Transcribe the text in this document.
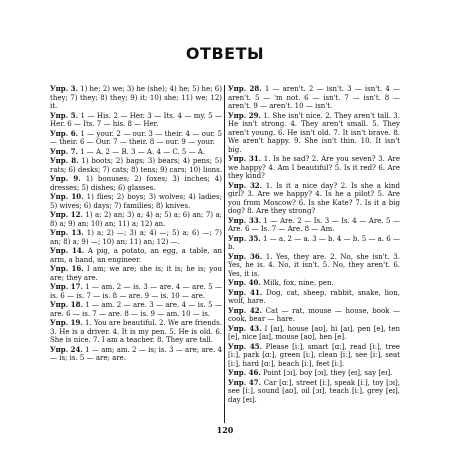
ОТВЕТЫ
Упр. 3. 1) he; 2) we; 3) he (she); 4) he; 5) he; 6) they; 7) they; 8) they; 9) it; 10) she; 11) we; 12) it.
Упр. 5. 1 — His. 2 — Her. 3 — Its. 4 — my. 5 — Her. 6 — Its. 7 — his. 8 — Her.
Упр. 6. 1 — your. 2 — our. 3 — their. 4 — our. 5 — their. 6 — Our. 7 — their. 8 — our. 9 — your.
Упр. 7. 1 — A. 2 — B. 3 — A. 4 — C. 5 — A.
Упр. 8. 1) boots; 2) bags; 3) bears; 4) pens; 5) rats; 6) desks; 7) cats; 8) tens; 9) cars; 10) lions.
Упр. 9. 1) bonuses; 2) foxes; 3) inches; 4) dresses; 5) dishes; 6) glasses.
Упр. 10. 1) flies; 2) boys; 3) wolves; 4) ladies; 5) wives; 6) days; 7) families; 8) knives.
Упр. 12. 1) a; 2) an; 3) a; 4) a; 5) a; 6) an; 7) a; 8) a; 9) an; 10) an; 11) a; 12) an.
Упр. 13. 1) a; 2) —; 3) a; 4) —; 5) a; 6) —; 7) an; 8) a; 9) —; 10) an; 11) an; 12) —.
Упр. 14. A pig, a potato, an egg, a table, an arm, a hand, an engineer.
Упр. 16. I am; we are; she is; it is; he is; you are; they are.
Упр. 17. 1 — am. 2 — is. 3 — are. 4 — are. 5 — is. 6 — is. 7 — is. 8 — are. 9 — is. 10 — are.
Упр. 18. 1 — am. 2 — are. 3 — are. 4 — is. 5 — are. 6 — is. 7 — are. 8 — is. 9 — am. 10 — is.
Упр. 19. 1. You are beautiful. 2. We are friends. 3. He is a driver. 4. It is my pen. 5. He is old. 6. She is nice. 7. I am a teacher. 8. They are tall.
Упр. 24. 1 — am; am. 2 — is; is. 3 — are; are. 4 — is; is. 5 — are; are.
Упр. 28. 1 — aren't. 2 — isn't. 3 — isn't. 4 — aren't. 5 — 'm not. 6 — isn't. 7 — isn't. 8 — aren't. 9 — aren't. 10 — isn't.
Упр. 29. 1. She isn't nice. 2. They aren't tall. 3. He isn't strong. 4. They aren't small. 5. They aren't young. 6. He isn't old. 7. It isn't brave. 8. We aren't happy. 9. She isn't thin. 10. It isn't big.
Упр. 31. 1. Is he sad? 2. Are you seven? 3. Are we happy? 4. Am I beautiful? 5. Is it red? 6. Are they kind?
Упр. 32. 1. Is it a nice day? 2. Is she a kind girl? 3. Are we happy? 4. Is he a pilot? 5. Are you from Moscow? 6. Is she Kate? 7. Is it a big dog? 8. Are they strong?
Упр. 33. 1 — Are. 2 — Is. 3 — Is. 4 — Are. 5 — Are. 6 — Is. 7 — Are. 8 — Am.
Упр. 35. 1 — a. 2 — a. 3 — b. 4 — b. 5 — a. 6 — b.
Упр. 36. 1. Yes, they are. 2. No, she isn't. 3. Yes, he is. 4. No, it isn't. 5. No, they aren't. 6. Yes, it is.
Упр. 40. Milk, fox, nine, pen.
Упр. 41. Dog, cat, sheep, rabbit, snake, lion, wolf, hare.
Упр. 42. Cat — rat, mouse — house, book — cook, bear — hare.
Упр. 43. I [aɪ], house [aʊ], hi [aɪ], pen [e], ten [e], nice [aɪ], mouse [aʊ], hen [e].
Упр. 45. Please [iː], smart [ɑː], read [iː], tree [iː], park [ɑː], green [iː], clean [iː], see [iː], seat [iː], hard [ɑː], beach [iː], feet [iː].
Упр. 46. Point [ɔɪ], boy [ɔɪ], they [eɪ], say [eɪ].
Упр. 47. Car [ɑː], street [iː], speak [iː], toy [ɔɪ], see [iː], sound [aʊ], oil [ɔɪ], teach [iː], grey [eɪ], day [eɪ].
120
